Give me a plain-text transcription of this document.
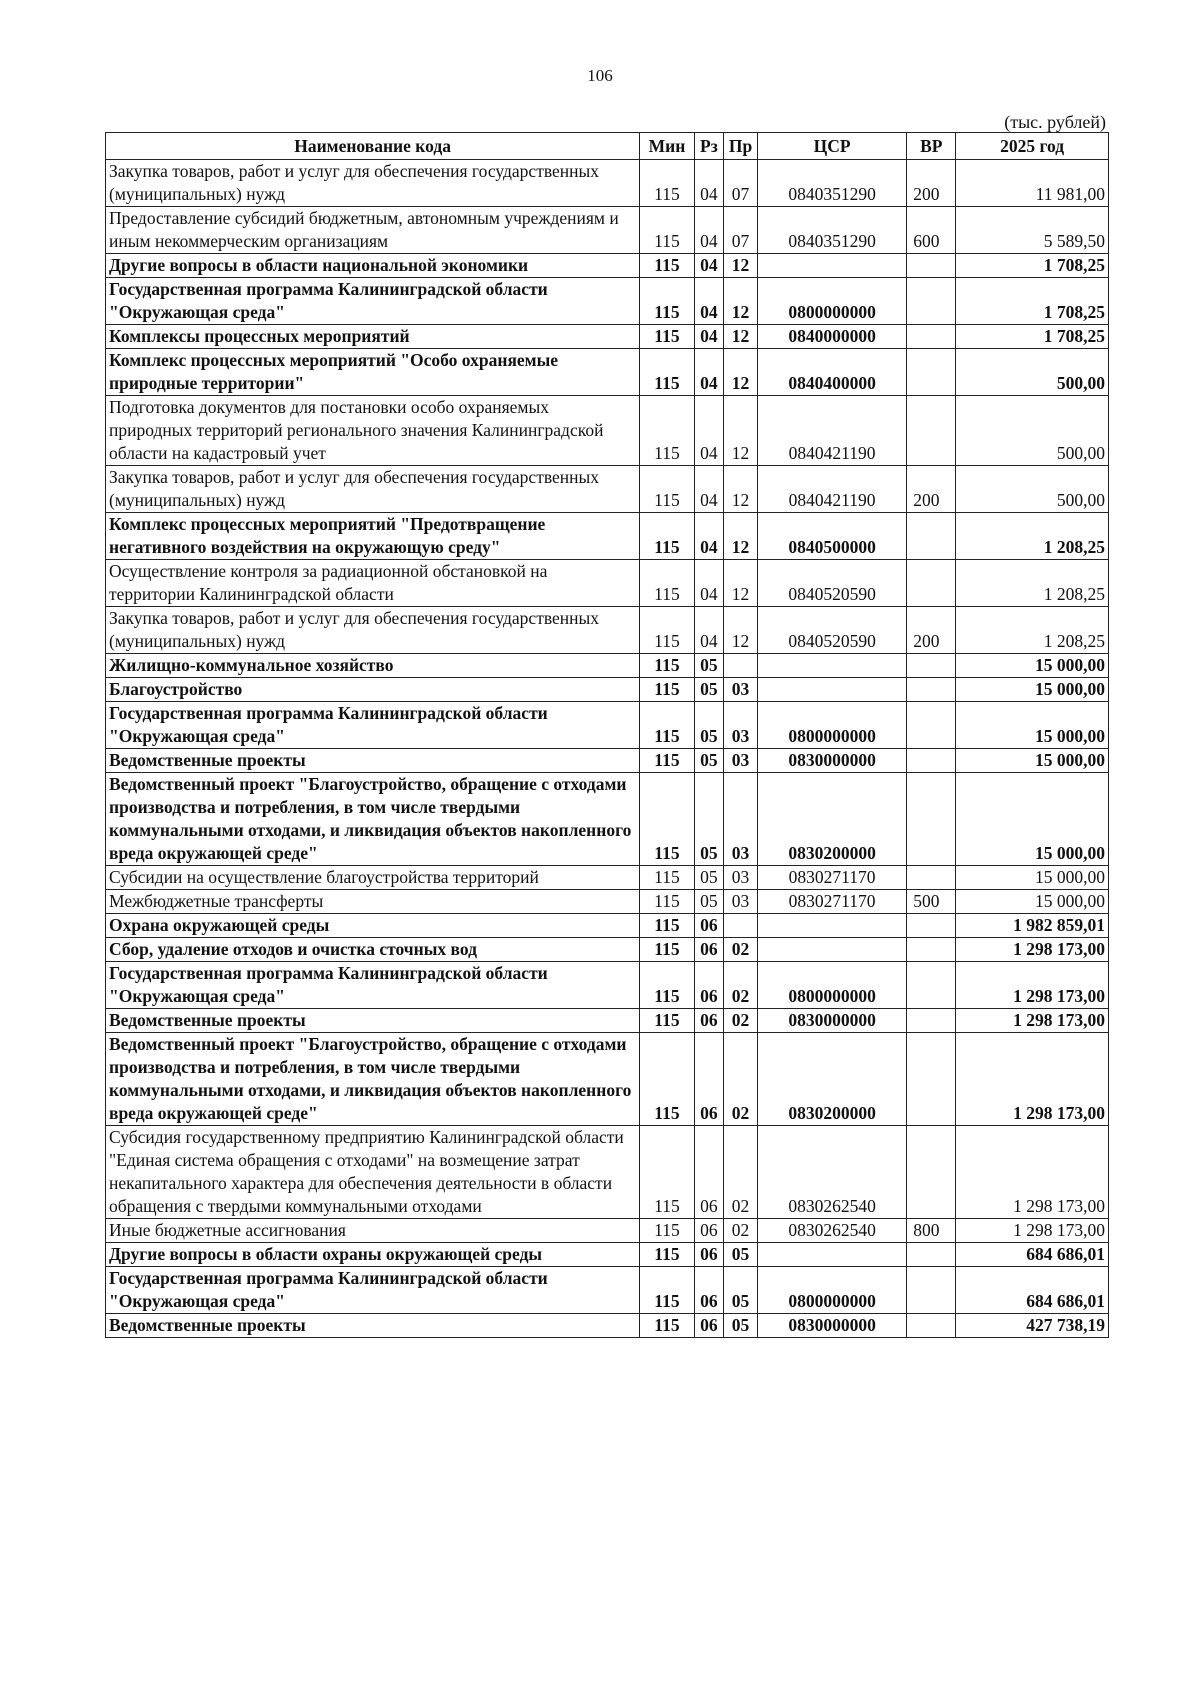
106
(тыс. рублей)
Наименование кода	Мин	Рз	Пр	ЦСР	ВР	2025 год
Закупка товаров, работ и услуг для обеспечения государственных (муниципальных) нужд	115	04	07	0840351290	200	11 981,00
Предоставление субсидий бюджетным, автономным учреждениям и иным некоммерческим организациям	115	04	07	0840351290	600	5 589,50
Другие вопросы в области национальной экономики	115	04	12			1 708,25
Государственная программа Калининградской области "Окружающая среда"	115	04	12	0800000000		1 708,25
Комплексы процессных мероприятий	115	04	12	0840000000		1 708,25
Комплекс процессных мероприятий "Особо охраняемые природные территории"	115	04	12	0840400000		500,00
Подготовка документов для постановки особо охраняемых природных территорий регионального значения Калининградской области на кадастровый учет	115	04	12	0840421190		500,00
Закупка товаров, работ и услуг для обеспечения государственных (муниципальных) нужд	115	04	12	0840421190	200	500,00
Комплекс процессных мероприятий "Предотвращение негативного воздействия на окружающую среду"	115	04	12	0840500000		1 208,25
Осуществление контроля за радиационной обстановкой на территории Калининградской области	115	04	12	0840520590		1 208,25
Закупка товаров, работ и услуг для обеспечения государственных (муниципальных) нужд	115	04	12	0840520590	200	1 208,25
Жилищно-коммунальное хозяйство	115	05				15 000,00
Благоустройство	115	05	03			15 000,00
Государственная программа Калининградской области "Окружающая среда"	115	05	03	0800000000		15 000,00
Ведомственные проекты	115	05	03	0830000000		15 000,00
Ведомственный проект "Благоустройство, обращение с отходами производства и потребления, в том числе твердыми коммунальными отходами, и ликвидация объектов накопленного вреда окружающей среде"	115	05	03	0830200000		15 000,00
Субсидии на осуществление благоустройства территорий	115	05	03	0830271170		15 000,00
Межбюджетные трансферты	115	05	03	0830271170	500	15 000,00
Охрана окружающей среды	115	06				1 982 859,01
Сбор, удаление отходов и очистка сточных вод	115	06	02			1 298 173,00
Государственная программа Калининградской области "Окружающая среда"	115	06	02	0800000000		1 298 173,00
Ведомственные проекты	115	06	02	0830000000		1 298 173,00
Ведомственный проект "Благоустройство, обращение с отходами производства и потребления, в том числе твердыми коммунальными отходами, и ликвидация объектов накопленного вреда окружающей среде"	115	06	02	0830200000		1 298 173,00
Субсидия государственному предприятию Калининградской области "Единая система обращения с отходами" на возмещение затрат некапитального характера для обеспечения деятельности в области обращения с твердыми коммунальными отходами	115	06	02	0830262540		1 298 173,00
Иные бюджетные ассигнования	115	06	02	0830262540	800	1 298 173,00
Другие вопросы в области охраны окружающей среды	115	06	05			684 686,01
Государственная программа Калининградской области "Окружающая среда"	115	06	05	0800000000		684 686,01
Ведомственные проекты	115	06	05	0830000000		427 738,19
